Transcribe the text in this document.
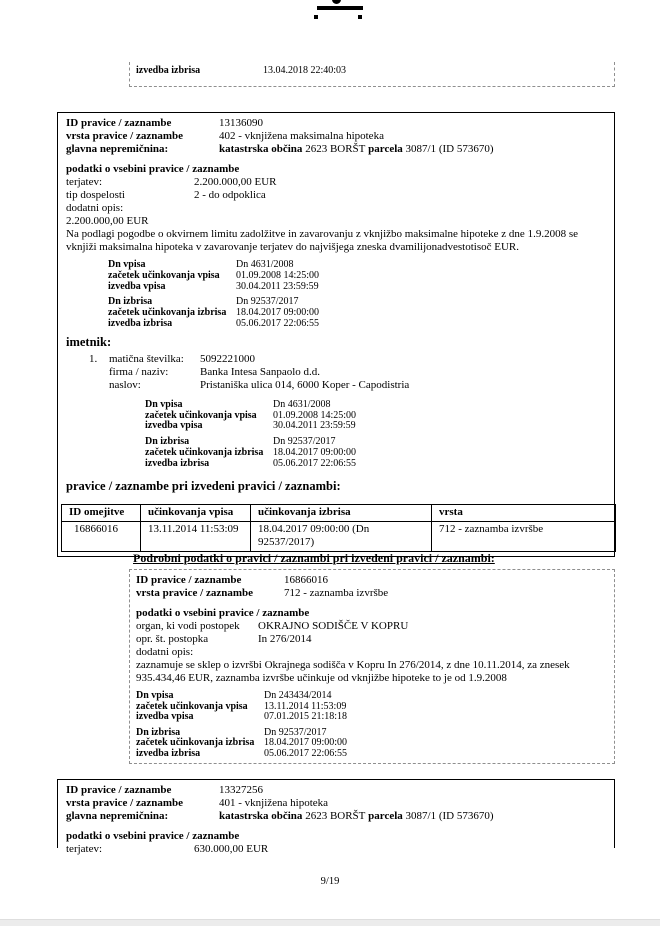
izvedba izbrisa	13.04.2018 22:40:03
ID pravice / zaznambe	13136090
vrsta pravice / zaznambe	402 - vknjižena maksimalna hipoteka
glavna nepremičnina:	katastrska občina 2623 BORŠT parcela 3087/1 (ID 573670)
podatki o vsebini pravice / zaznambe
terjatev:	2.200.000,00 EUR
tip dospelosti	2 - do odpoklica
dodatni opis:
2.200.000,00 EUR
Na podlagi pogodbe o okvirnem limitu zadolžitve in zavarovanju z vknjižbo maksimalne hipoteke z dne 1.9.2008 se vknjiži maksimalna hipoteka v zavarovanje terjatev do najvišjega zneska dvamilijonadvestotisoč EUR.
Dn vpisa	Dn 4631/2008
začetek učinkovanja vpisa	01.09.2008 14:25:00
izvedba vpisa	30.04.2011 23:59:59
Dn izbrisa	Dn 92537/2017
začetek učinkovanja izbrisa 18.04.2017 09:00:00
izvedba izbrisa	05.06.2017 22:06:55
imetnik:
1.	matična številka:	5092221000
firma / naziv:	Banka Intesa Sanpaolo d.d.
naslov:	Pristaniška ulica 014, 6000 Koper - Capodistria
Dn vpisa	Dn 4631/2008
začetek učinkovanja vpisa	01.09.2008 14:25:00
izvedba vpisa	30.04.2011 23:59:59
Dn izbrisa	Dn 92537/2017
začetek učinkovanja izbrisa 18.04.2017 09:00:00
izvedba izbrisa	05.06.2017 22:06:55
pravice / zaznambe pri izvedeni pravici / zaznambi:
ID omejitve	učinkovanja vpisa	učinkovanja izbrisa	vrsta
16866016	13.11.2014 11:53:09	18.04.2017 09:00:00 (Dn 92537/2017)	712 - zaznamba izvršbe
Podrobni podatki o pravici / zaznambi pri izvedeni pravici / zaznambi:
ID pravice / zaznambe	16866016
vrsta pravice / zaznambe	712 - zaznamba izvršbe
podatki o vsebini pravice / zaznambe
organ, ki vodi postopek	OKRAJNO SODIŠČE V KOPRU
opr. št. postopka	In 276/2014
dodatni opis:
zaznamuje se sklep o izvršbi Okrajnega sodišča v Kopru In 276/2014, z dne 10.11.2014, za znesek 935.434,46 EUR, zaznamba izvršbe učinkuje od vknjižbe hipoteke to je od 1.9.2008
Dn vpisa	Dn 243434/2014
začetek učinkovanja vpisa	13.11.2014 11:53:09
izvedba vpisa	07.01.2015 21:18:18
Dn izbrisa	Dn 92537/2017
začetek učinkovanja izbrisa 18.04.2017 09:00:00
izvedba izbrisa	05.06.2017 22:06:55
ID pravice / zaznambe	13327256
vrsta pravice / zaznambe	401 - vknjižena hipoteka
glavna nepremičnina:	katastrska občina 2623 BORŠT parcela 3087/1 (ID 573670)
podatki o vsebini pravice / zaznambe
terjatev:	630.000,00 EUR
9/19
